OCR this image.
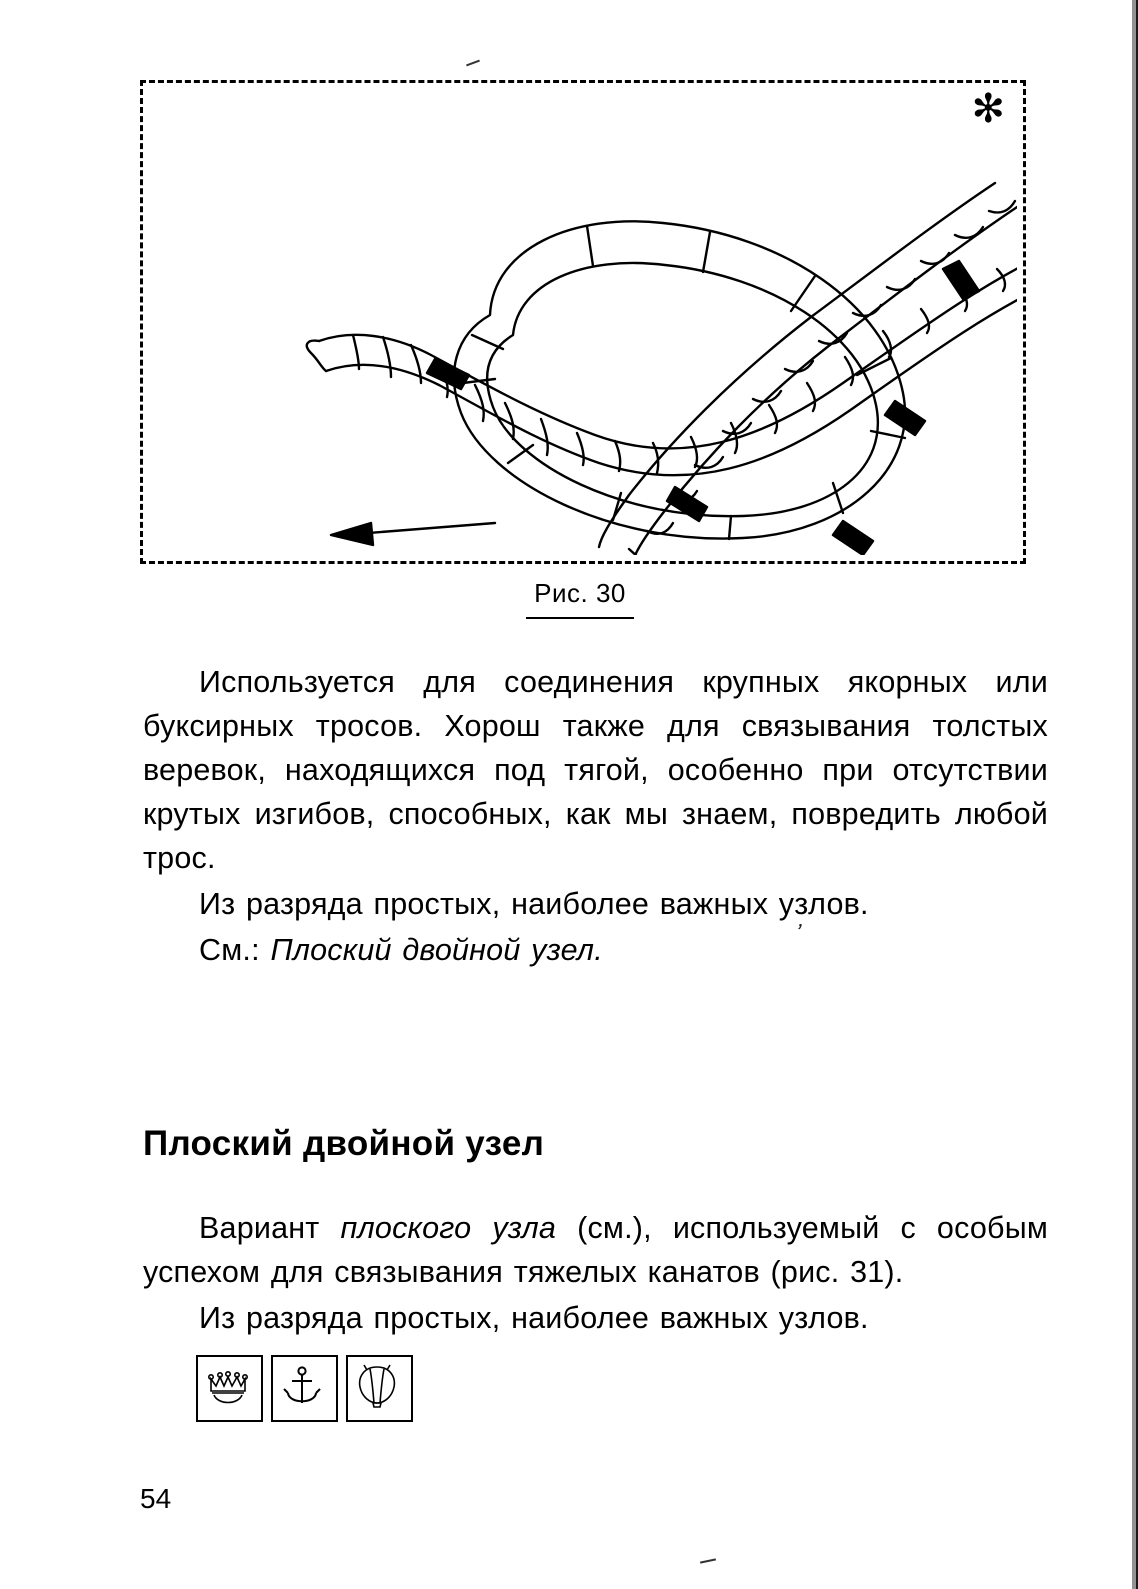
✻
Рис. 30

Используется для соединения крупных якорных или буксирных тросов. Хорош также для связывания толстых веревок, находящихся под тягой, особенно при отсутствии крутых изгибов, способных, как мы знаем, повредить любой трос.

Из разряда простых, наиболее важных узлов.

См.: Плоский двойной узел.

Плоский двойной узел

Вариант плоского узла (см.), используемый с особым успехом для связывания тяжелых канатов (рис. 31).

Из разряда простых, наиболее важных узлов.

ʼ
54
